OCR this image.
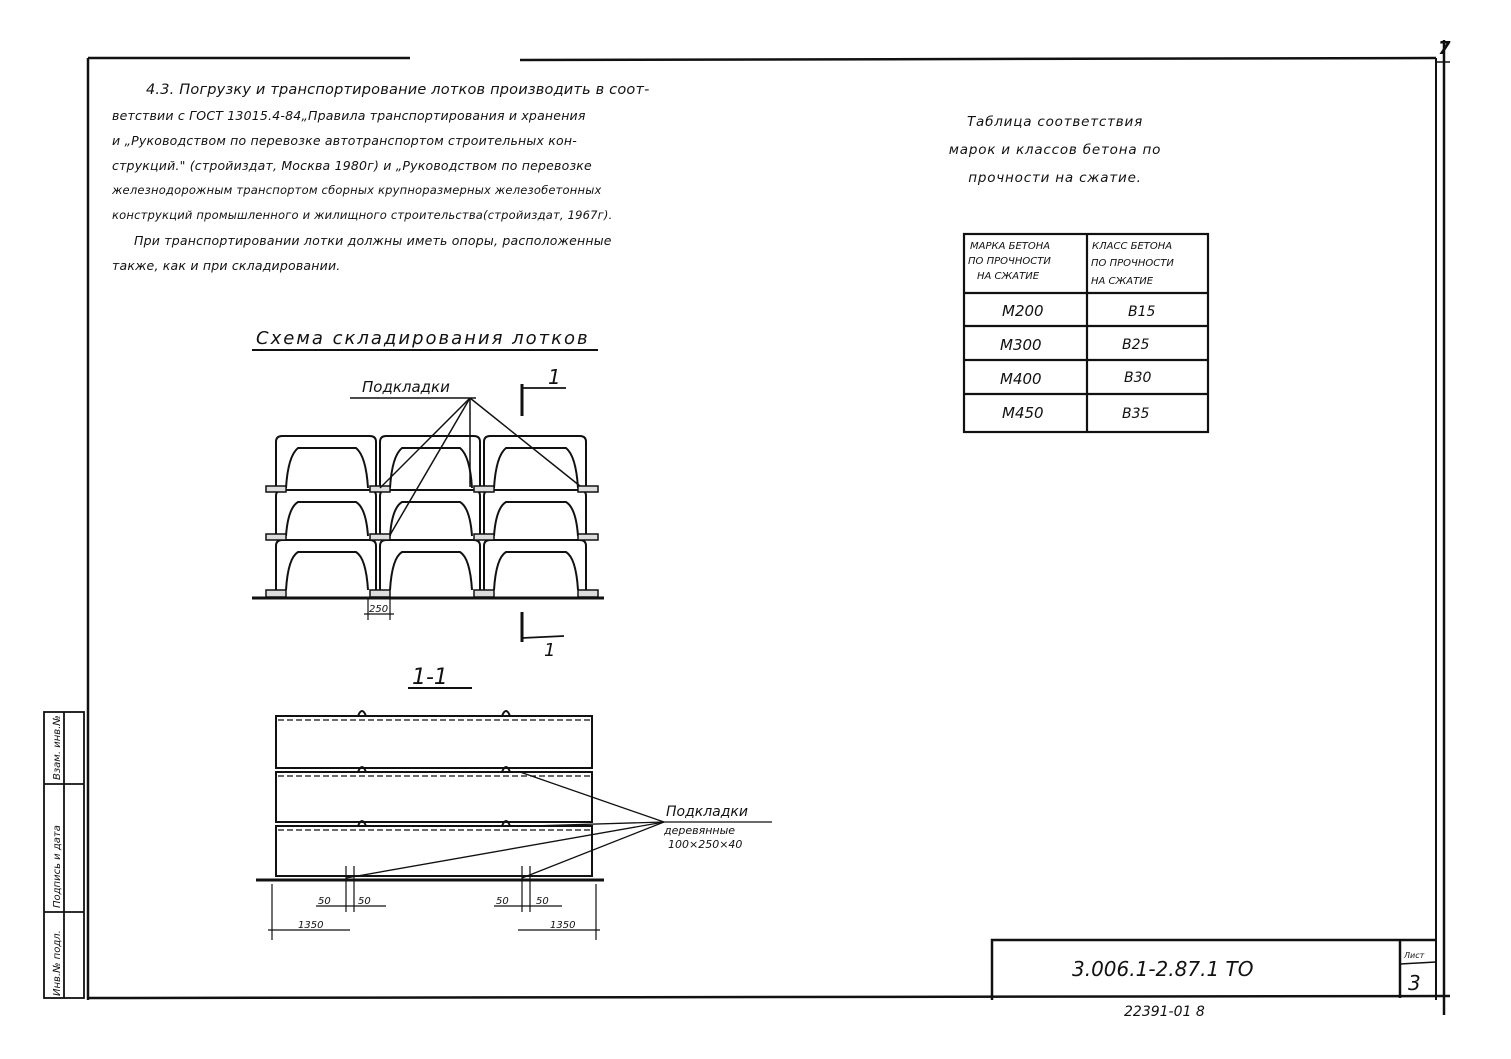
МАРКА БЕТОНА
ПО ПРОЧНОСТИ
НА СЖАТИЕ
КЛАСС БЕТОНА
ПО ПРОЧНОСТИ
НА СЖАТИЕ
М200	В15
М300	В25
М400	В30
М450	В35
Схема складирования лотков
Подкладки	1
1
250
1-1
Подкладки
деревянные
100×250×40
50	50	50	50
1350	1350
Инв.№ подл.
Подпись и дата
Взам. инв.№
3.006.1-2.87.1 ТО
Лист
3
22391-01 8
7
4.3. Погрузку и транспортирование лотков производить в соот-
ветствии с ГОСТ 13015.4-84„Правила транспортирования и хранения
и „Руководством по перевозке автотранспортом строительных кон-
струкций." (стройиздат, Москва 1980г) и „Руководством по перевозке
железнодорожным транспортом сборных крупноразмерных железобетонных
конструкций промышленного и жилищного строительства(стройиздат, 1967г).
При транспортировании лотки должны иметь опоры, расположенные
также, как и при складировании.
Таблица соответствия
марок и классов бетона по
прочности на сжатие.
